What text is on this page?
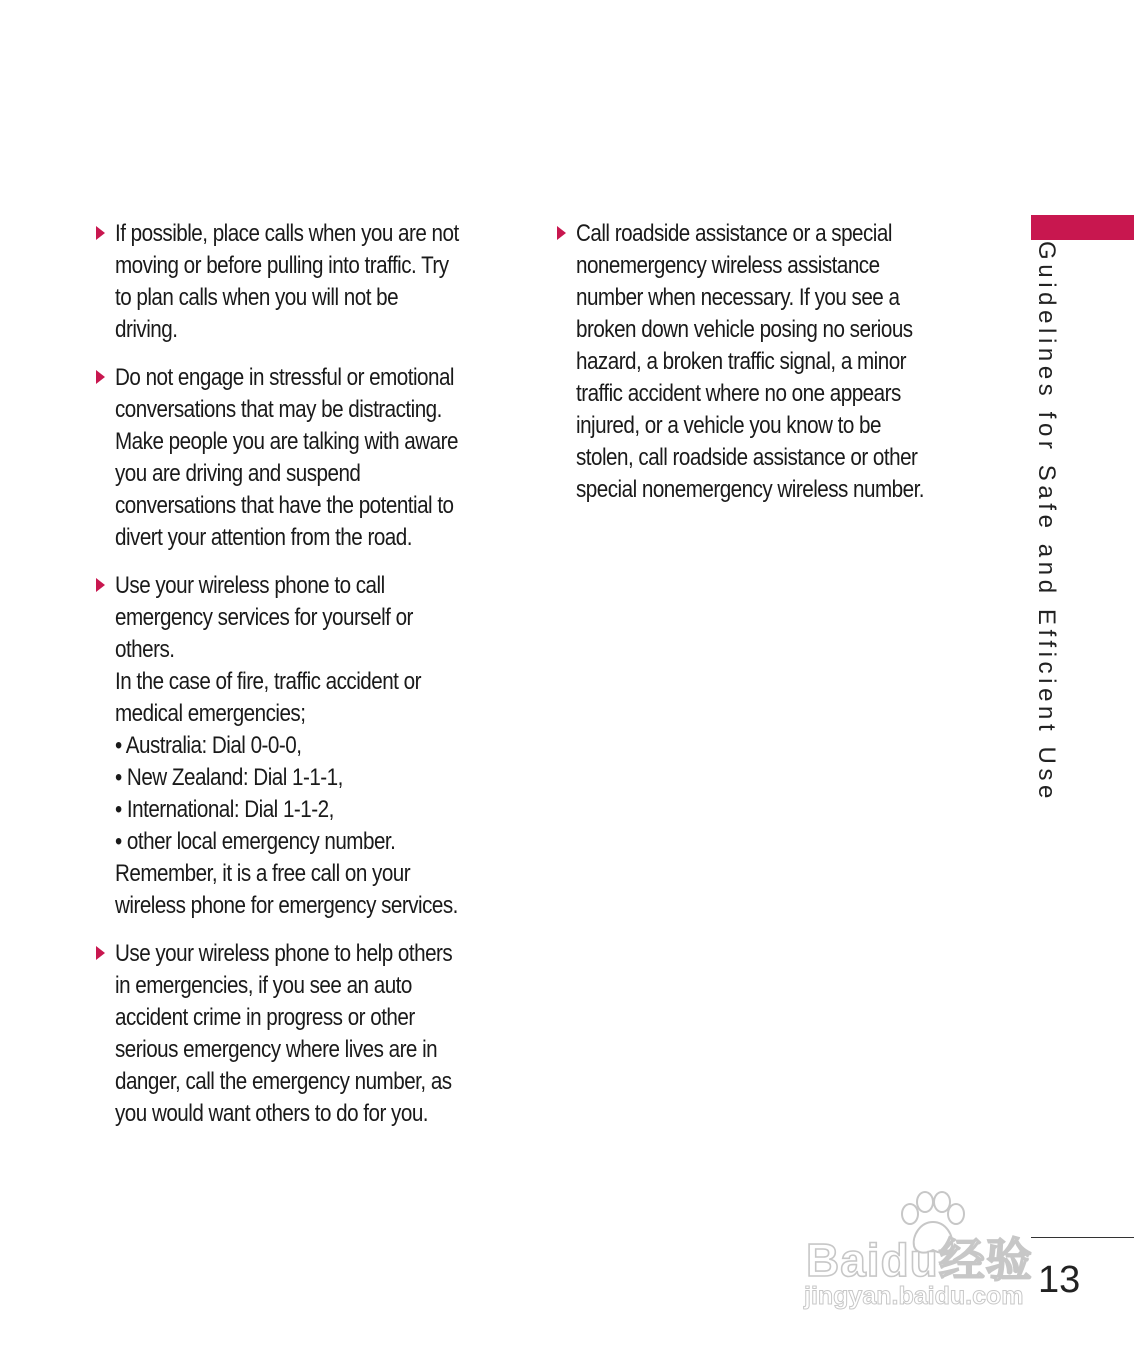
If possible, place calls when you are not
moving or before pulling into traffic. Try
to plan calls when you will not be
driving.
Do not engage in stressful or emotional
conversations that may be distracting.
Make people you are talking with aware
you are driving and suspend
conversations that have the potential to
divert your attention from the road.
Use your wireless phone to call
emergency services for yourself or
others.
In the case of fire, traffic accident or
medical emergencies;
• Australia: Dial 0-0-0,
• New Zealand: Dial 1-1-1,
• International: Dial 1-1-2,
• other local emergency number.
Remember, it is a free call on your
wireless phone for emergency services.
Use your wireless phone to help others
in emergencies, if you see an auto
accident crime in progress or other
serious emergency where lives are in
danger, call the emergency number, as
you would want others to do for you.
Call roadside assistance or a special
nonemergency wireless assistance
number when necessary. If you see a
broken down vehicle posing no serious
hazard, a broken traffic signal, a minor
traffic accident where no one appears
injured, or a vehicle you know to be
stolen, call roadside assistance or other
special nonemergency wireless number.	Guidelines for Safe and Efficient Use
13
Baidu经验
jingyan.baidu.com
